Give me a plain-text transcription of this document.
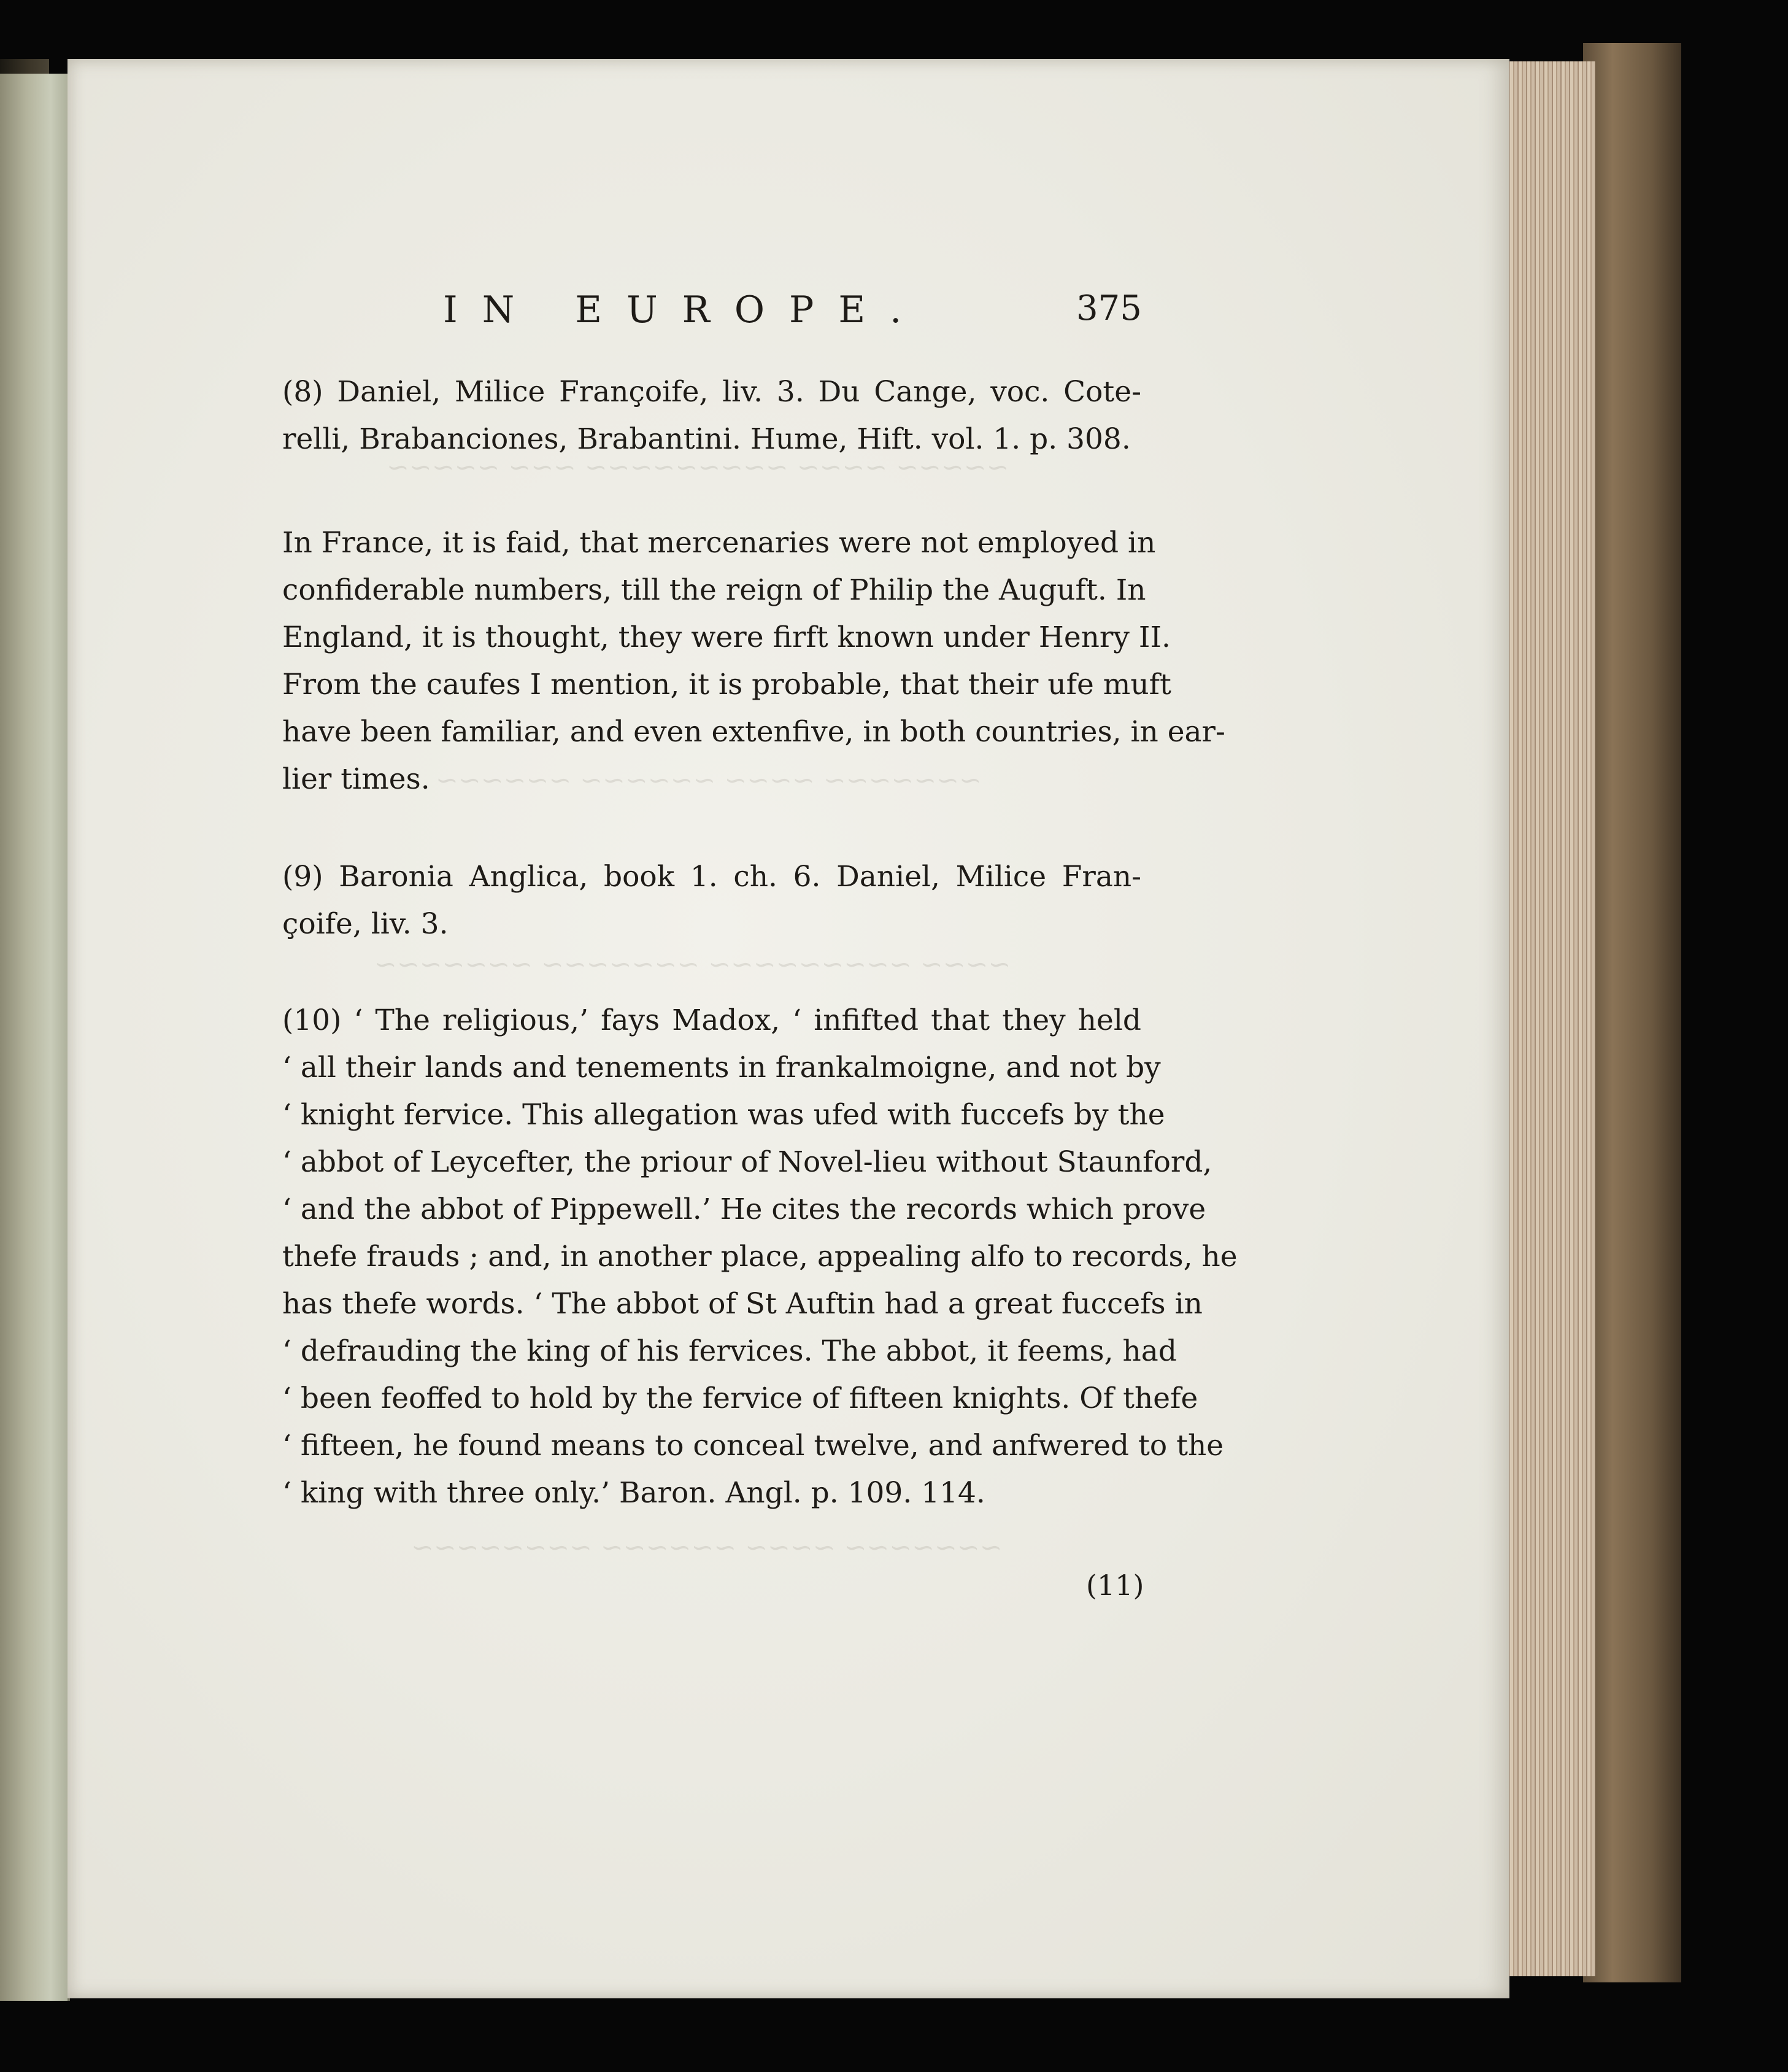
~~~~~ ~~~~ ~~~~~~~~~ ~~~ ~~~~~
~~~~~~~ ~~~~ ~~~~~~ ~~~~~~
~~~~ ~~~~~~~~~ ~~~~~~~ ~~~~~~~
~~~~~~~ ~~~~ ~~~~~~ ~~~~~~~~
IN EUROPE.	375
(8) Daniel, Milice Françoife, liv. 3. Du Cange, voc. Cote-
relli, Brabanciones, Brabantini. Hume, Hift. vol. 1. p. 308.
In France, it is faid, that mercenaries were not employed in
confiderable numbers, till the reign of Philip the Auguft. In
England, it is thought, they were firft known under Henry II.
From the caufes I mention, it is probable, that their ufe muft
have been familiar, and even extenfive, in both countries, in ear-
lier times.
(9) Baronia Anglica, book 1. ch. 6. Daniel, Milice Fran-
çoife, liv. 3.
(10) ‘ The religious,’ fays Madox, ‘ infifted that they held
‘ all their lands and tenements in frankalmoigne, and not by
‘ knight fervice. This allegation was ufed with fuccefs by the
‘ abbot of Leycefter, the priour of Novel-lieu without Staunford,
‘ and the abbot of Pippewell.’ He cites the records which prove
thefe frauds ; and, in another place, appealing alfo to records, he
has thefe words. ‘ The abbot of St Auftin had a great fuccefs in
‘ defrauding the king of his fervices. The abbot, it feems, had
‘ been feoffed to hold by the fervice of fifteen knights. Of thefe
‘ fifteen, he found means to conceal twelve, and anfwered to the
‘ king with three only.’ Baron. Angl. p. 109. 114.
(11)
